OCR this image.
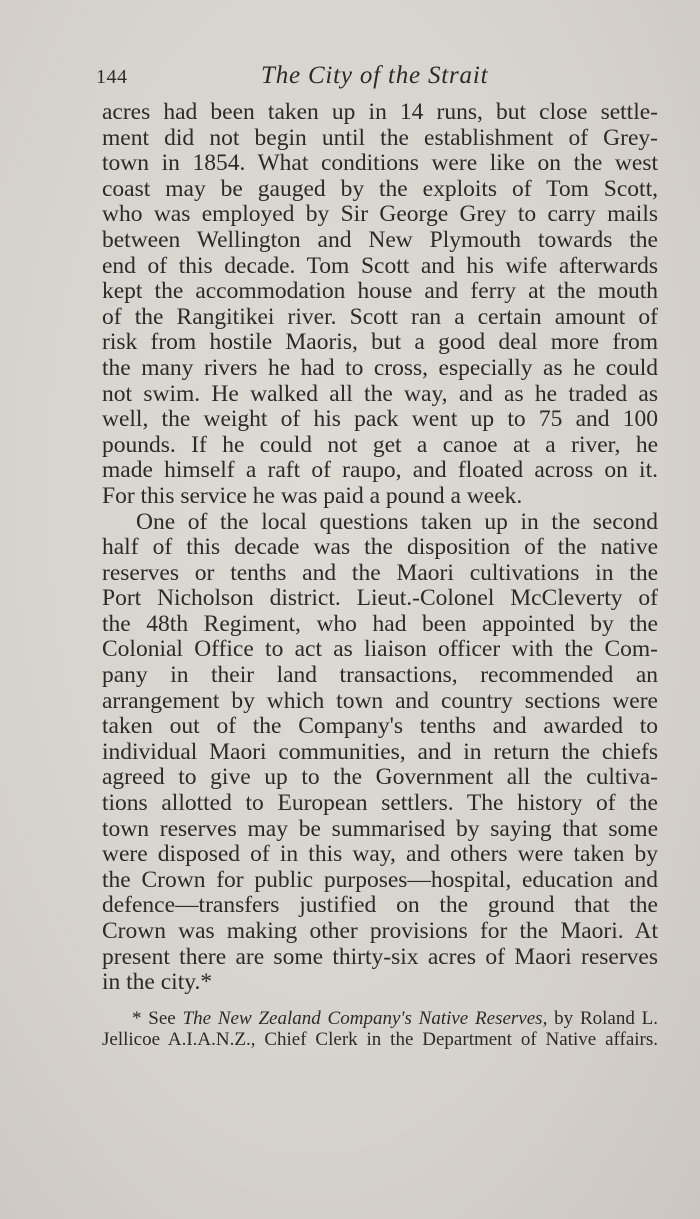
144	The City of the Strait
acres had been taken up in 14 runs, but close settle-
ment did not begin until the establishment of Grey-
town in 1854. What conditions were like on the west
coast may be gauged by the exploits of Tom Scott,
who was employed by Sir George Grey to carry mails
between Wellington and New Plymouth towards the
end of this decade. Tom Scott and his wife afterwards
kept the accommodation house and ferry at the mouth
of the Rangitikei river. Scott ran a certain amount of
risk from hostile Maoris, but a good deal more from
the many rivers he had to cross, especially as he could
not swim. He walked all the way, and as he traded as
well, the weight of his pack went up to 75 and 100
pounds. If he could not get a canoe at a river, he
made himself a raft of raupo, and floated across on it.
For this service he was paid a pound a week.
One of the local questions taken up in the second
half of this decade was the disposition of the native
reserves or tenths and the Maori cultivations in the
Port Nicholson district. Lieut.-Colonel McCleverty of
the 48th Regiment, who had been appointed by the
Colonial Office to act as liaison officer with the Com-
pany in their land transactions, recommended an
arrangement by which town and country sections were
taken out of the Company's tenths and awarded to
individual Maori communities, and in return the chiefs
agreed to give up to the Government all the cultiva-
tions allotted to European settlers. The history of the
town reserves may be summarised by saying that some
were disposed of in this way, and others were taken by
the Crown for public purposes—hospital, education and
defence—transfers justified on the ground that the
Crown was making other provisions for the Maori. At
present there are some thirty-six acres of Maori reserves
in the city.*
* See The New Zealand Company's Native Reserves, by Roland L.
Jellicoe A.I.A.N.Z., Chief Clerk in the Department of Native affairs.
